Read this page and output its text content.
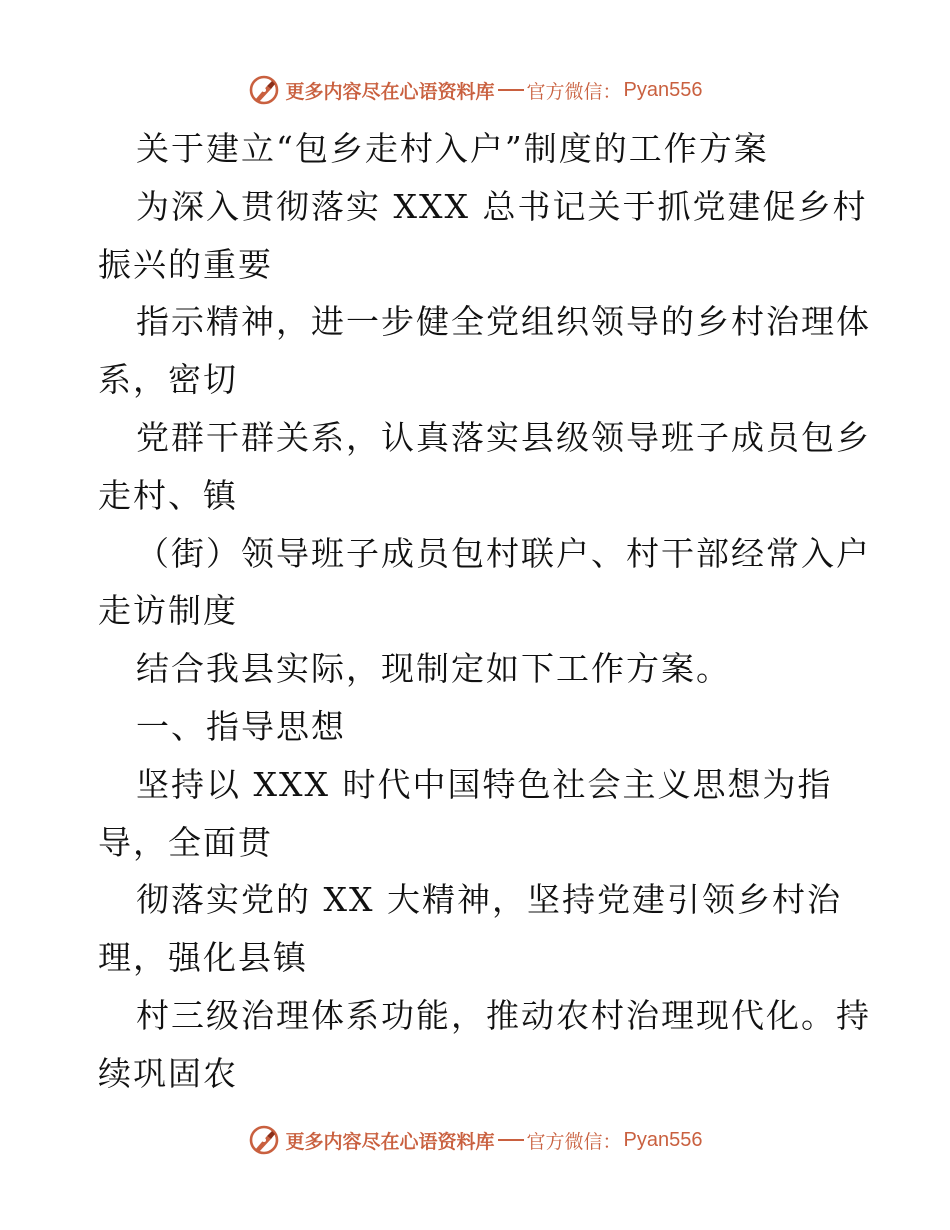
更多内容尽在心语资料库 官方微信： Pyan556
关于建立“包乡走村入户”制度的工作方案
为深入贯彻落实 XXX 总书记关于抓党建促乡村
振兴的重要
指示精神，进一步健全党组织领导的乡村治理体
系，密切
党群干群关系，认真落实县级领导班子成员包乡
走村、镇
（街）领导班子成员包村联户、村干部经常入户
走访制度
结合我县实际，现制定如下工作方案。
一、指导思想
坚持以 XXX 时代中国特色社会主义思想为指
导，全面贯
彻落实党的 XX 大精神，坚持党建引领乡村治
理，强化县镇
村三级治理体系功能，推动农村治理现代化。持
续巩固农
更多内容尽在心语资料库 官方微信： Pyan556
